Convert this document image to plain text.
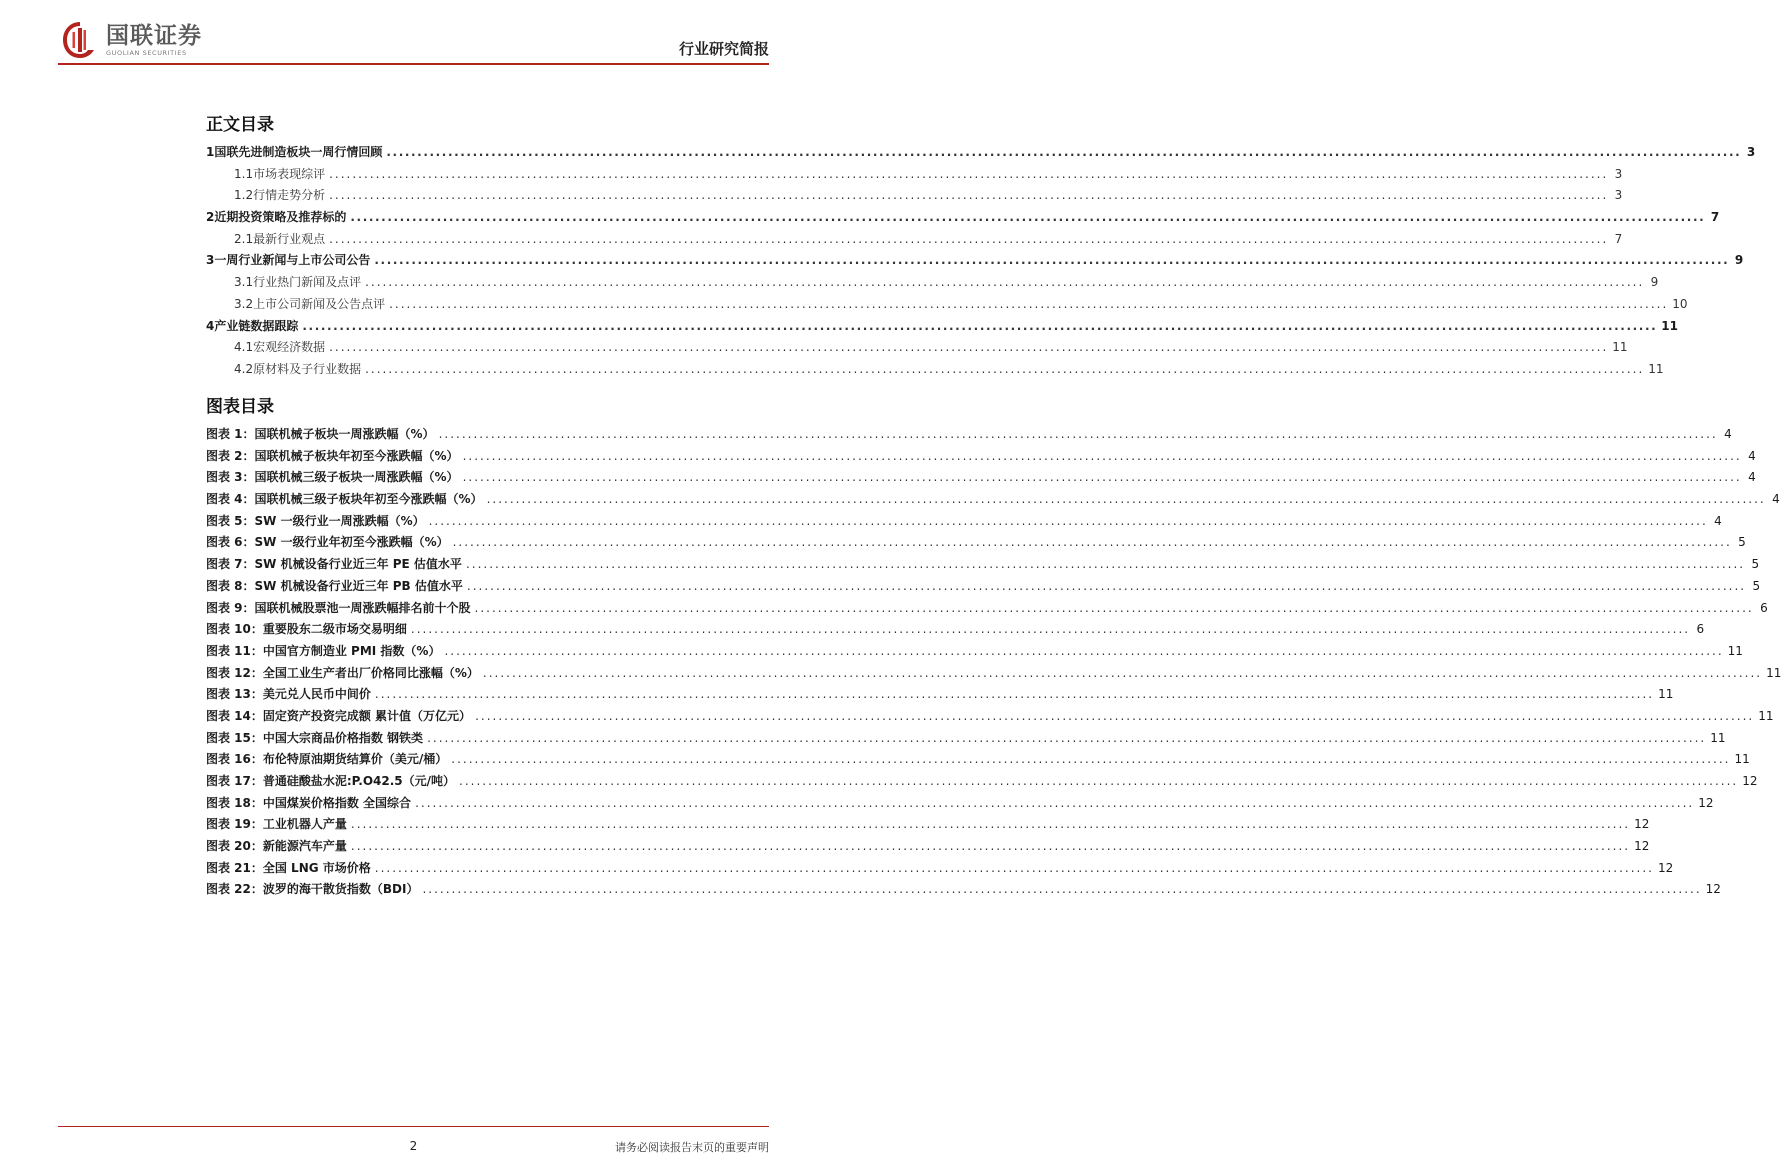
国联证券
GUOLIAN SECURITIES	行业研究简报
正文目录
1 国联先进制造板块一周行情回顾 ............................................................................................................................................................................................................................ 3
1.1 市场表现综评 ............................................................................................................................................................................................................................ 3
1.2 行情走势分析 ............................................................................................................................................................................................................................ 3
2 近期投资策略及推荐标的 ............................................................................................................................................................................................................................ 7
2.1 最新行业观点 ............................................................................................................................................................................................................................ 7
3 一周行业新闻与上市公司公告 ............................................................................................................................................................................................................................ 9
3.1 行业热门新闻及点评 ............................................................................................................................................................................................................................ 9
3.2 上市公司新闻及公告点评 ............................................................................................................................................................................................................................ 10
4 产业链数据跟踪 ............................................................................................................................................................................................................................ 11
4.1 宏观经济数据 ............................................................................................................................................................................................................................ 11
4.2 原材料及子行业数据 ............................................................................................................................................................................................................................ 11
图表目录
图表 1：国联机械子板块一周涨跌幅（%） ............................................................................................................................................................................................................................ 4
图表 2：国联机械子板块年初至今涨跌幅（%） ............................................................................................................................................................................................................................ 4
图表 3：国联机械三级子板块一周涨跌幅（%） ............................................................................................................................................................................................................................ 4
图表 4：国联机械三级子板块年初至今涨跌幅（%） ............................................................................................................................................................................................................................ 4
图表 5：SW 一级行业一周涨跌幅（%） ............................................................................................................................................................................................................................ 4
图表 6：SW 一级行业年初至今涨跌幅（%） ............................................................................................................................................................................................................................ 5
图表 7：SW 机械设备行业近三年 PE 估值水平 ............................................................................................................................................................................................................................ 5
图表 8：SW 机械设备行业近三年 PB 估值水平 ............................................................................................................................................................................................................................ 5
图表 9：国联机械股票池一周涨跌幅排名前十个股 ............................................................................................................................................................................................................................ 6
图表 10：重要股东二级市场交易明细 ............................................................................................................................................................................................................................ 6
图表 11：中国官方制造业 PMI 指数（%） ............................................................................................................................................................................................................................ 11
图表 12：全国工业生产者出厂价格同比涨幅（%） ............................................................................................................................................................................................................................ 11
图表 13：美元兑人民币中间价 ............................................................................................................................................................................................................................ 11
图表 14：固定资产投资完成额 累计值（万亿元） ............................................................................................................................................................................................................................ 11
图表 15：中国大宗商品价格指数 钢铁类 ............................................................................................................................................................................................................................ 11
图表 16：布伦特原油期货结算价（美元/桶） ............................................................................................................................................................................................................................ 11
图表 17：普通硅酸盐水泥:P.O42.5（元/吨） ............................................................................................................................................................................................................................ 12
图表 18：中国煤炭价格指数 全国综合 ............................................................................................................................................................................................................................ 12
图表 19：工业机器人产量 ............................................................................................................................................................................................................................ 12
图表 20：新能源汽车产量 ............................................................................................................................................................................................................................ 12
图表 21：全国 LNG 市场价格 ............................................................................................................................................................................................................................ 12
图表 22：波罗的海干散货指数（BDI） ............................................................................................................................................................................................................................ 12
2	请务必阅读报告末页的重要声明
